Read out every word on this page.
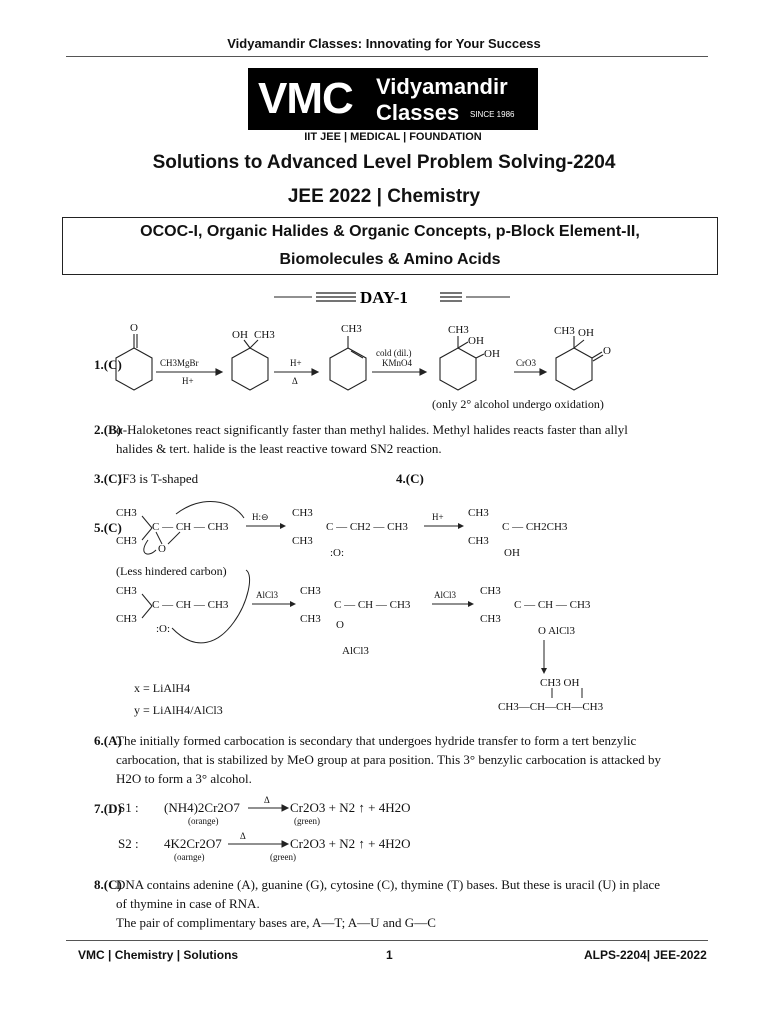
Vidyamandir Classes: Innovating for Your Success
VMC Vidyamandir
Classes SINCE 1986
IIT JEE | MEDICAL | FOUNDATION
Solutions to Advanced Level Problem Solving-2204
JEE 2022 | Chemistry
OCOC-I, Organic Halides & Organic Concepts, p-Block Element-II,
Biomolecules & Amino Acids
DAY-1
1.(C)
O
OH CH3	CH3	CH3
OH
OH
CH3 OH
O
CH3MgBr
H+
H+
Δ
cold (dil.)
KMnO4	CrO3
(only 2° alcohol undergo oxidation)
2.(B)
α-Haloketones react significantly faster than methyl halides. Methyl halides reacts faster than allyl
halides & tert. halide is the least reactive toward SN2 reaction.
3.(C)
IF3 is T-shaped	4.(C)
5.(C)
CH3
CH3
C — CH — CH3
O
CH3
CH3
C — CH2 — CH3
:O:
CH3
CH3
C — CH2CH3
OH
CH3
CH3
C — CH — CH3
:O:
CH3
CH3
C — CH — CH3
O
AlCl3
CH3
CH3
C — CH — CH3
O AlCl3
CH3 OH
CH3—CH—CH—CH3
H:⊖	H+
AlCl3	AlCl3
(Less hindered carbon)
x = LiAlH4
y = LiAlH4/AlCl3
6.(A)
The initially formed carbocation is secondary that undergoes hydride transfer to form a tert benzylic
carbocation, that is stabilized by MeO group at para position. This 3° benzylic carbocation is attacked by
H2O to form a 3° alcohol.
7.(D)
S1 : (NH4)2Cr2O7	Cr2O3 + N2 ↑ + 4H2O
S2 : 4K2Cr2O7	Cr2O3 + N2 ↑ + 4H2O
(orange)	(green)
(oarnge)	(green)
Δ
Δ
8.(C)
DNA contains adenine (A), guanine (G), cytosine (C), thymine (T) bases. But these is uracil (U) in place
of thymine in case of RNA.
The pair of complimentary bases are, A—T; A—U and G—C
VMC | Chemistry | Solutions	1	ALPS-2204| JEE-2022
